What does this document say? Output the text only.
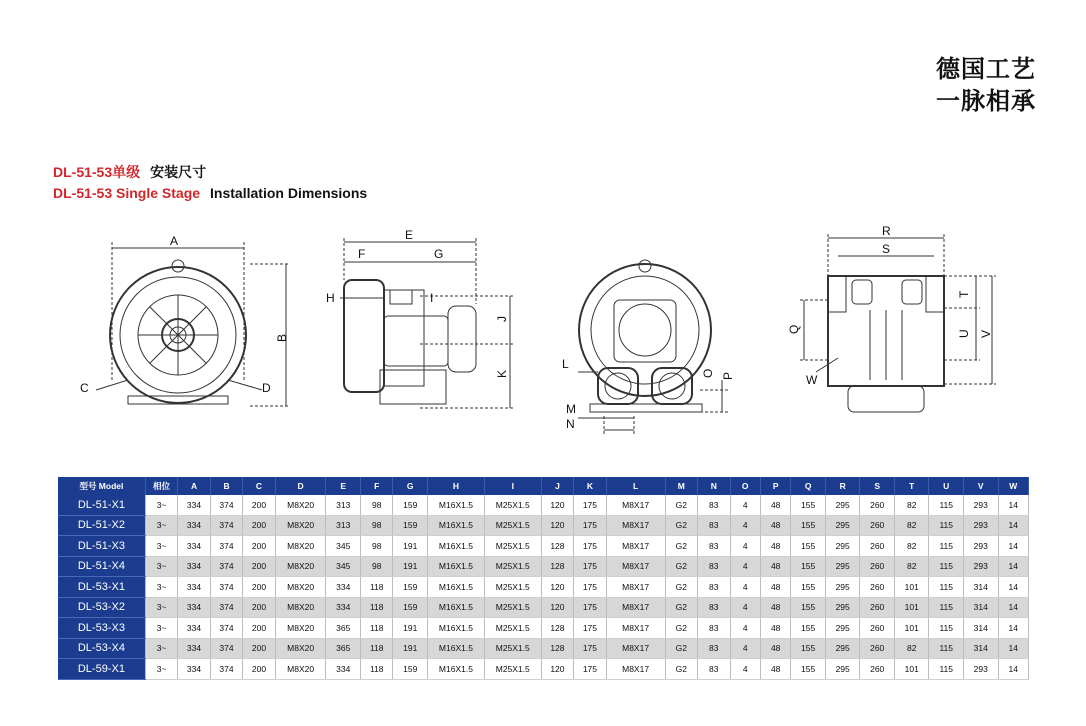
德国工艺
一脉相承
DL-51-53单级 安装尺寸
DL-51-53 Single Stage Installation Dimensions
A
B
C	D
E
F	G
H	I
J
K
L
M
N
O P
Q
R
S
T
U V
W
型号 Model	相位	A	B	C	D	E	F	G	H	I	J	K	L	M	N	O	P	Q	R	S	T	U	V	W
DL-51-X1	3~	334	374	200	M8X20	313	98	159	M16X1.5	M25X1.5	120	175	M8X17	G2	83	4	48	155	295	260	82	115	293	14
DL-51-X2	3~	334	374	200	M8X20	313	98	159	M16X1.5	M25X1.5	120	175	M8X17	G2	83	4	48	155	295	260	82	115	293	14
DL-51-X3	3~	334	374	200	M8X20	345	98	191	M16X1.5	M25X1.5	128	175	M8X17	G2	83	4	48	155	295	260	82	115	293	14
DL-51-X4	3~	334	374	200	M8X20	345	98	191	M16X1.5	M25X1.5	128	175	M8X17	G2	83	4	48	155	295	260	82	115	293	14
DL-53-X1	3~	334	374	200	M8X20	334	118	159	M16X1.5	M25X1.5	120	175	M8X17	G2	83	4	48	155	295	260	101	115	314	14
DL-53-X2	3~	334	374	200	M8X20	334	118	159	M16X1.5	M25X1.5	120	175	M8X17	G2	83	4	48	155	295	260	101	115	314	14
DL-53-X3	3~	334	374	200	M8X20	365	118	191	M16X1.5	M25X1.5	128	175	M8X17	G2	83	4	48	155	295	260	101	115	314	14
DL-53-X4	3~	334	374	200	M8X20	365	118	191	M16X1.5	M25X1.5	128	175	M8X17	G2	83	4	48	155	295	260	82	115	314	14
DL-59-X1	3~	334	374	200	M8X20	334	118	159	M16X1.5	M25X1.5	120	175	M8X17	G2	83	4	48	155	295	260	101	115	293	14
